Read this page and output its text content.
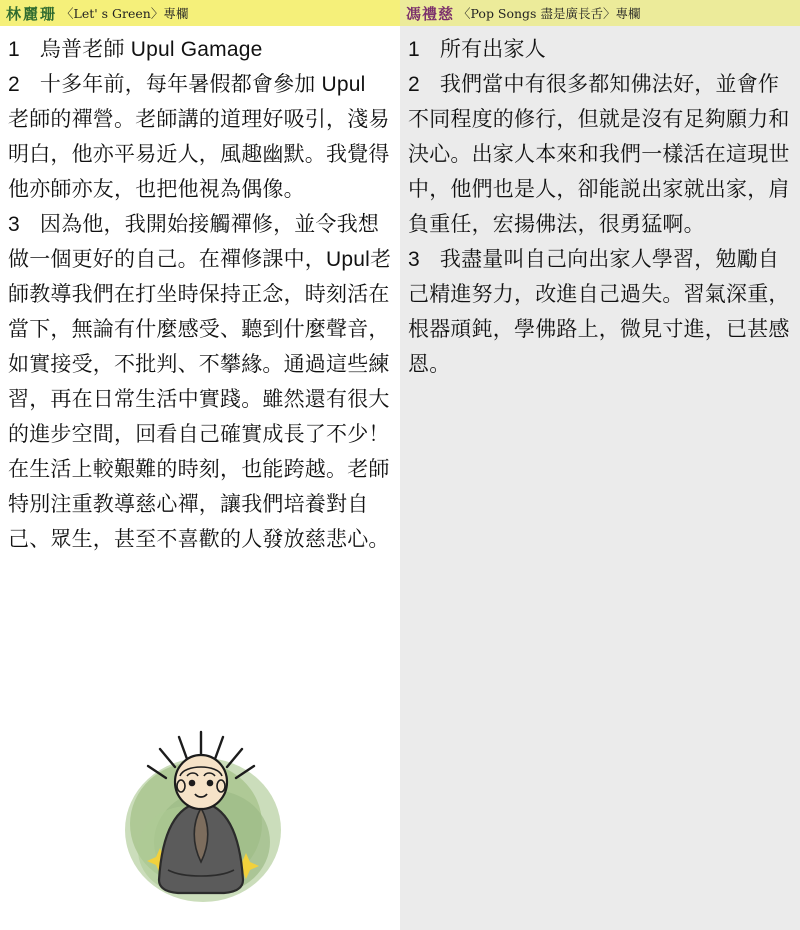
林麗珊 〈Let' s Green〉專欄

1 烏普老師 Upul Gamage

2 十多年前，每年暑假都會參加 Upul 老師的禪營。老師講的道理好吸引，淺易明白，他亦平易近人，風趣幽默。我覺得他亦師亦友，也把他視為偶像。

3 因為他，我開始接觸禪修，並令我想做一個更好的自己。在禪修課中，Upul老師教導我們在打坐時保持正念，時刻活在當下，無論有什麼感受、聽到什麼聲音，如實接受，不批判、不攀緣。通過這些練習，再在日常生活中實踐。雖然還有很大的進步空間，回看自己確實成長了不少！在生活上較艱難的時刻，也能跨越。老師特別注重教導慈心禪，讓我們培養對自己、眾生，甚至不喜歡的人發放慈悲心。

馮禮慈 〈Pop Songs 盡是廣長舌〉專欄

1 所有出家人

2 我們當中有很多都知佛法好，並會作不同程度的修行，但就是沒有足夠願力和決心。出家人本來和我們一樣活在這現世中，他們也是人，卻能説出家就出家，肩負重任，宏揚佛法，很勇猛啊。

3 我盡量叫自己向出家人學習，勉勵自己精進努力，改進自己過失。習氣深重，根器頑鈍，學佛路上，微見寸進，已甚感恩。
